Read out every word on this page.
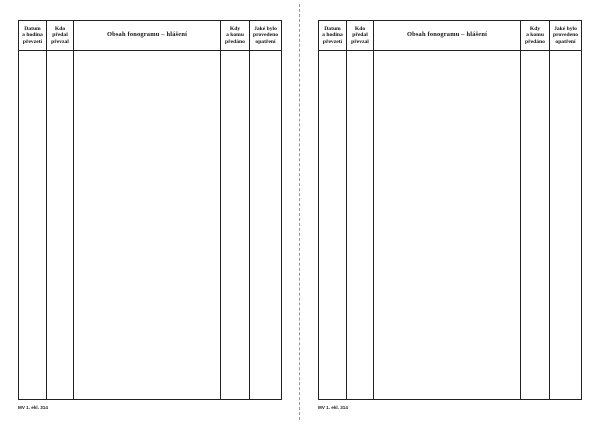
Datum
a hodina
převzetí	Kdo
předal
převzal	Obsah fonogramu – hlášení	Kdy
a komu
předáno	Jaké bylo
provedeno
opatření

MV 1. ekl. 314
Datum
a hodina
převzetí	Kdo
předal
převzal	Obsah fonogramu – hlášení	Kdy
a komu
předáno	Jaké bylo
provedeno
opatření

MV 1. ekl. 314
